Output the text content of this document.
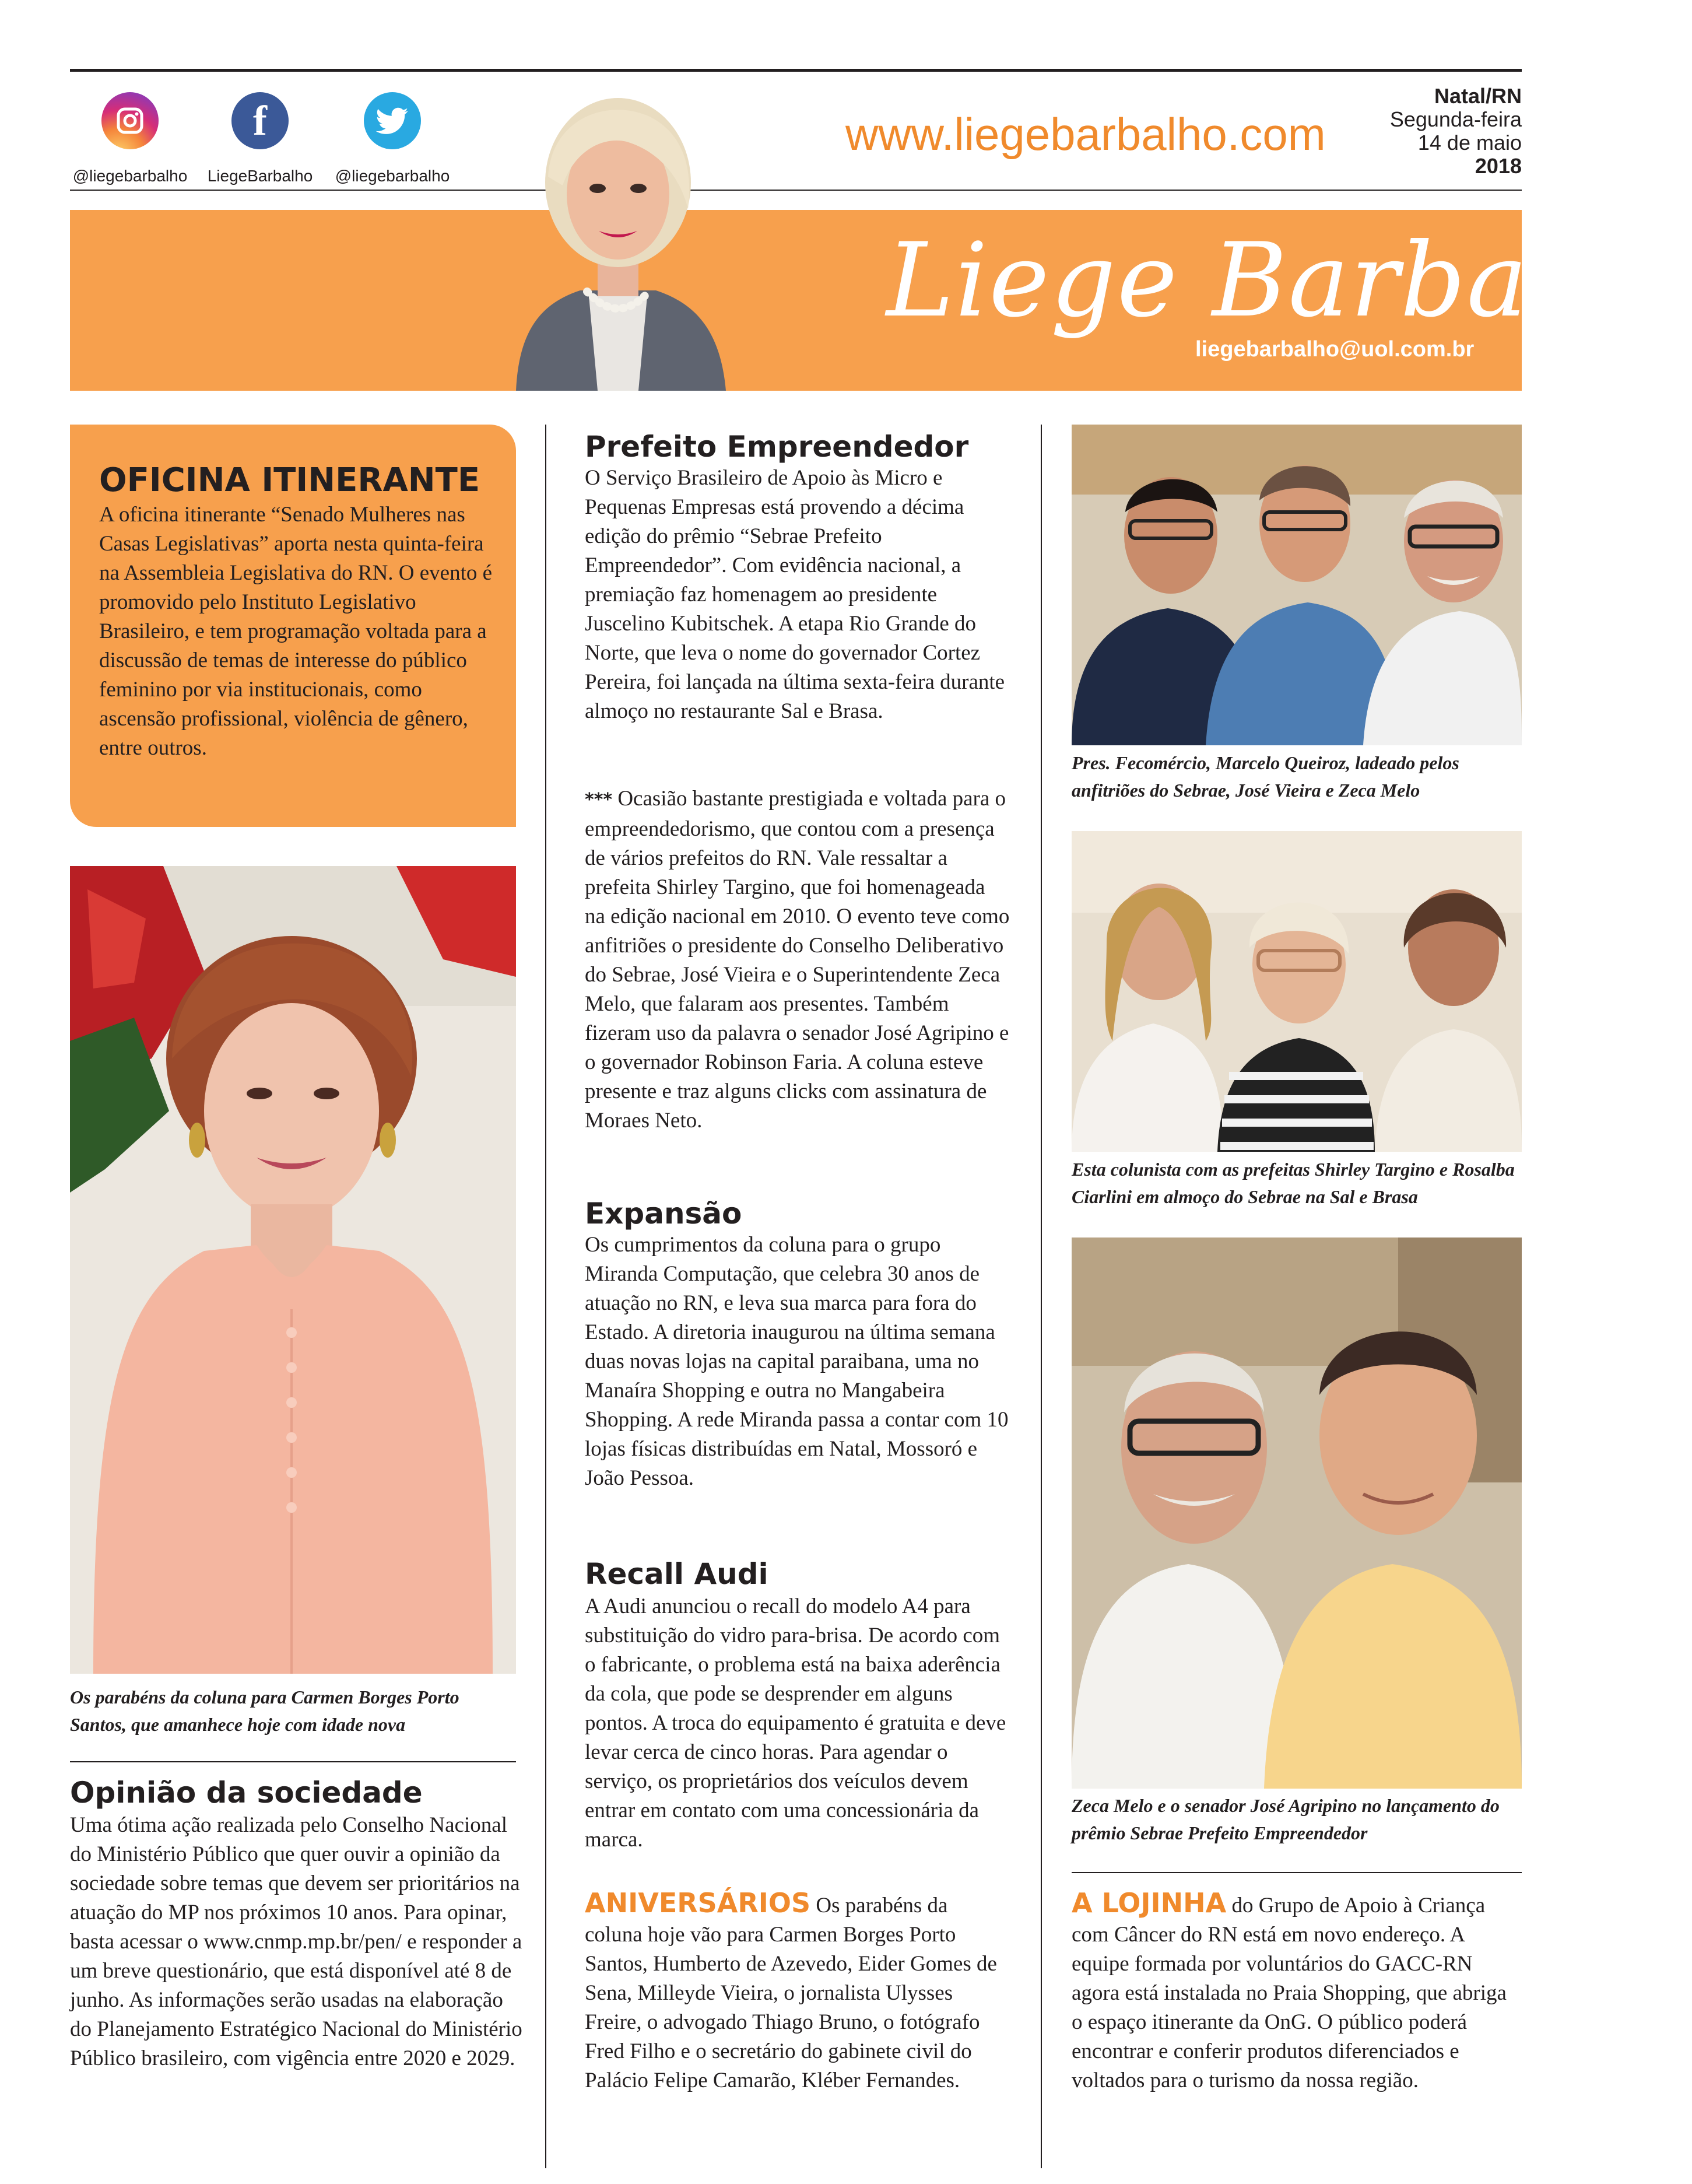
@liegebarbalho
f
LiegeBarbalho	@liegebarbalho
www.liegebarbalho.com
Natal/RN
Segunda-feira
14 de maio
2018
Liege Barbalho
liegebarbalho@uol.com.br
OFICINA ITINERANTE
A oficina itinerante “Senado Mulheres nas Casas Legislativas” aporta nesta quinta-feira na Assembleia Legislativa do RN. O evento é promovido pelo Instituto Legislativo Brasileiro, e tem programação voltada para a discussão de temas de interesse do público feminino por via institucionais, como ascensão profissional, violência de gênero, entre outros.
Os parabéns da coluna para Carmen Borges Porto Santos, que amanhece hoje com idade nova
Opinião da sociedade
Uma ótima ação realizada pelo Conselho Nacional do Ministério Público que quer ouvir a opinião da sociedade sobre temas que devem ser prioritários na atuação do MP nos próximos 10 anos. Para opinar, basta acessar o www.cnmp.mp.br/pen/ e responder a um breve questionário, que está disponível até 8 de junho. As informações serão usadas na elaboração do Planejamento Estratégico Nacional do Ministério Público brasileiro, com vigência entre 2020 e 2029.
Prefeito Empreendedor
O Serviço Brasileiro de Apoio às Micro e Pequenas Empresas está provendo a décima edição do prêmio “Sebrae Prefeito Empreendedor”. Com evidência nacional, a premiação faz homenagem ao presidente Juscelino Kubitschek. A etapa Rio Grande do Norte, que leva o nome do governador Cortez Pereira, foi lançada na última sexta-feira durante almoço no restaurante Sal e Brasa.
*** Ocasião bastante prestigiada e voltada para o empreendedorismo, que contou com a presença de vários prefeitos do RN. Vale ressaltar a prefeita Shirley Targino, que foi homenageada na edição nacional em 2010. O evento teve como anfitriões o presidente do Conselho Deliberativo do Sebrae, José Vieira e o Superintendente Zeca Melo, que falaram aos presentes. Também fizeram uso da palavra o senador José Agripino e o governador Robinson Faria. A coluna esteve presente e traz alguns clicks com assinatura de Moraes Neto.
Expansão
Os cumprimentos da coluna para o grupo Miranda Computação, que celebra 30 anos de atuação no RN, e leva sua marca para fora do Estado. A diretoria inaugurou na última semana duas novas lojas na capital paraibana, uma no Manaíra Shopping e outra no Mangabeira Shopping. A rede Miranda passa a contar com 10 lojas físicas distribuídas em Natal, Mossoró e João Pessoa.
Recall Audi
A Audi anunciou o recall do modelo A4 para substituição do vidro para-brisa. De acordo com o fabricante, o problema está na baixa aderência da cola, que pode se desprender em alguns pontos. A troca do equipamento é gratuita e deve levar cerca de cinco horas. Para agendar o serviço, os proprietários dos veículos devem entrar em contato com uma concessionária da marca.
ANIVERSÁRIOS Os parabéns da coluna hoje vão para Carmen Borges Porto Santos, Humberto de Azevedo, Eider Gomes de Sena, Milleyde Vieira, o jornalista Ulysses Freire, o advogado Thiago Bruno, o fotógrafo Fred Filho e o secretário do gabinete civil do Palácio Felipe Camarão, Kléber Fernandes.
Pres. Fecomércio, Marcelo Queiroz, ladeado pelos anfitriões do Sebrae, José Vieira e Zeca Melo
Esta colunista com as prefeitas Shirley Targino e Rosalba Ciarlini em almoço do Sebrae na Sal e Brasa
Zeca Melo e o senador José Agripino no lançamento do prêmio Sebrae Prefeito Empreendedor
A LOJINHA do Grupo de Apoio à Criança com Câncer do RN está em novo endereço. A equipe formada por voluntários do GACC-RN agora está instalada no Praia Shopping, que abriga o espaço itinerante da OnG. O público poderá encontrar e conferir produtos diferenciados e voltados para o turismo da nossa região.
